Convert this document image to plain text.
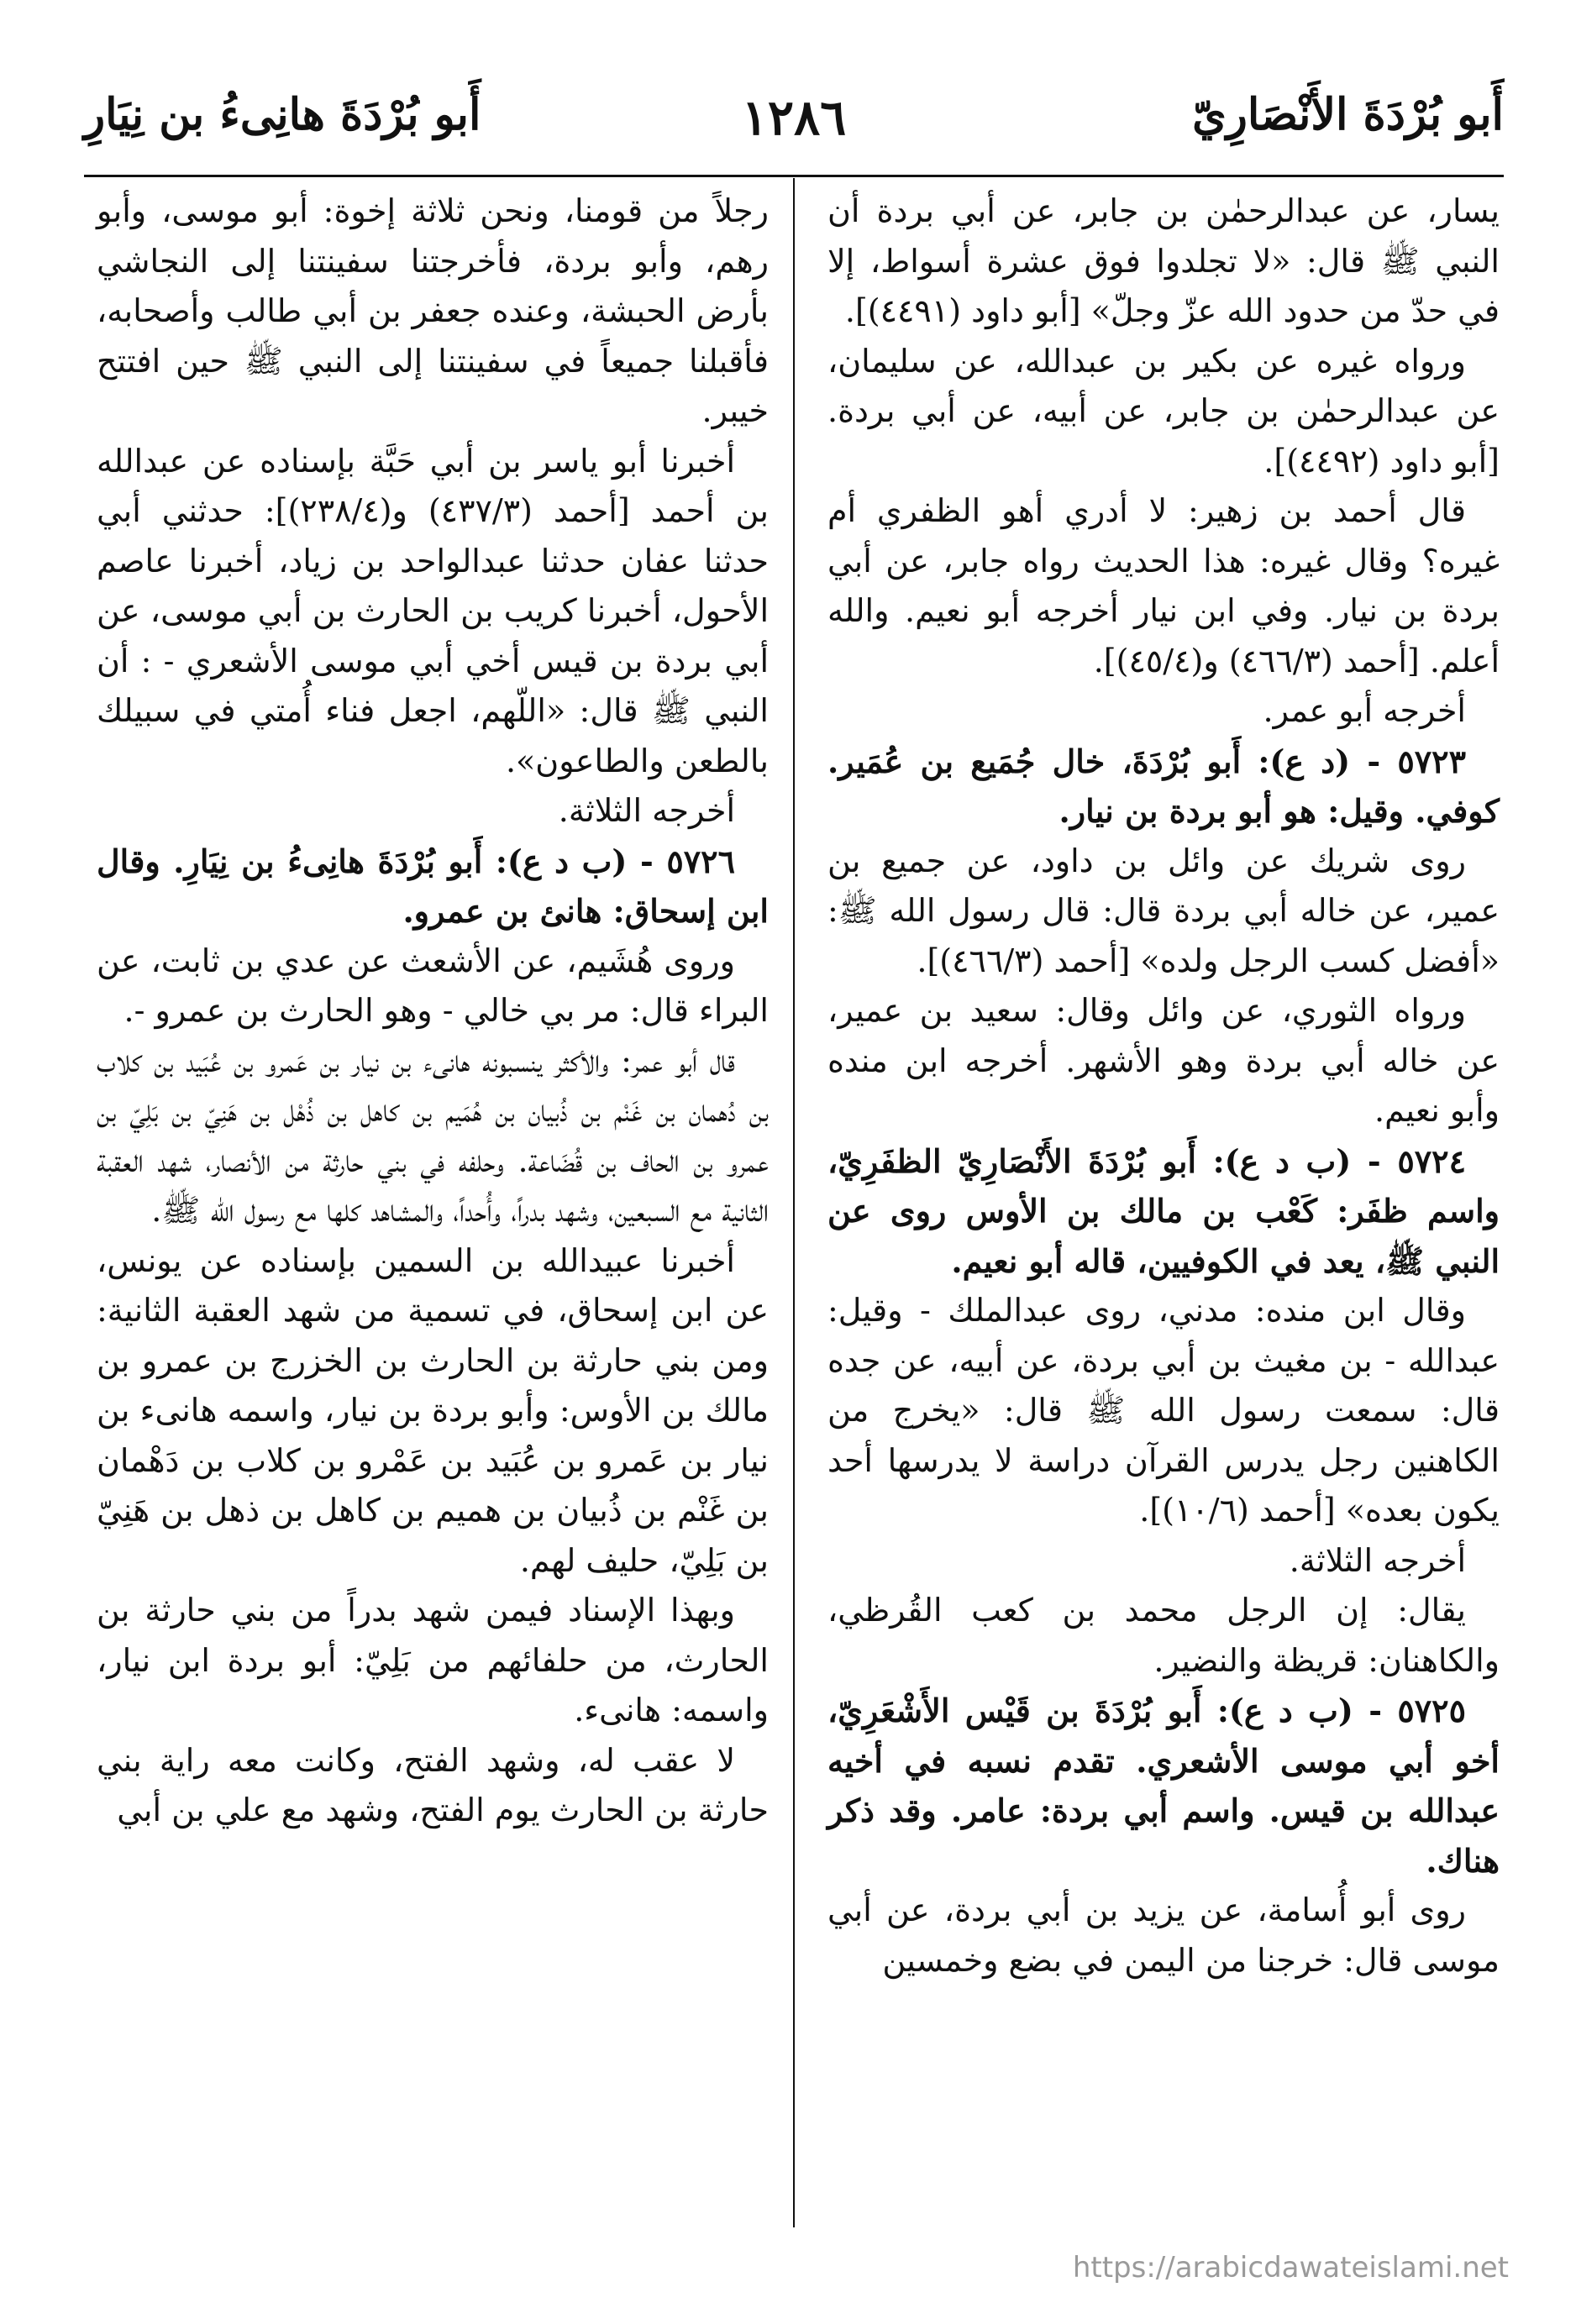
أَبو بُرْدَةَ الأَنْصَارِيّ
١٢٨٦
أَبو بُرْدَةَ هانِىءُ بن نِيَارِ

يسار، عن عبدالرحمٰن بن جابر، عن أبي بردة أن النبي ﷺ قال: «لا تجلدوا فوق عشرة أسواط، إلا في حدّ من حدود الله عزّ وجلّ» [أبو داود (٤٤٩١)].

ورواه غيره عن بكير بن عبدالله، عن سليمان، عن عبدالرحمٰن بن جابر، عن أبيه، عن أبي بردة. [أبو داود (٤٤٩٢)].

قال أحمد بن زهير: لا أدري أهو الظفري أم غيره؟ وقال غيره: هذا الحديث رواه جابر، عن أبي بردة بن نيار. وفي ابن نيار أخرجه أبو نعيم. والله أعلم. [أحمد (٤٦٦/٣) و(٤٥/٤)].

أخرجه أبو عمر.

٥٧٢٣ - (د ع): أَبو بُرْدَةَ، خال جُمَيع بن عُمَير. كوفي. وقيل: هو أبو بردة بن نيار.

روى شريك عن وائل بن داود، عن جميع بن عمير، عن خاله أبي بردة قال: قال رسول الله ﷺ: «أفضل كسب الرجل ولده» [أحمد (٤٦٦/٣)].

ورواه الثوري، عن وائل وقال: سعيد بن عمير، عن خاله أبي بردة وهو الأشهر. أخرجه ابن منده وأبو نعيم.

٥٧٢٤ - (ب د ع): أَبو بُرْدَةَ الأَنْصَارِيّ الظفَرِيّ، واسم ظفَر: كَعْب بن مالك بن الأوس روى عن النبي ﷺ، يعد في الكوفيين، قاله أبو نعيم.

وقال ابن منده: مدني، روى عبدالملك - وقيل: عبدالله - بن مغيث بن أبي بردة، عن أبيه، عن جده قال: سمعت رسول الله ﷺ قال: «يخرج من الكاهنين رجل يدرس القرآن دراسة لا يدرسها أحد يكون بعده» [أحمد (١٠/٦)].

أخرجه الثلاثة.

يقال: إن الرجل محمد بن كعب القُرظي، والكاهنان: قريظة والنضير.

٥٧٢٥ - (ب د ع): أَبو بُرْدَةَ بن قَيْس الأَشْعَرِيّ، أخو أبي موسى الأشعري. تقدم نسبه في أخيه عبدالله بن قيس. واسم أبي بردة: عامر. وقد ذكر هناك.

روى أبو أُسامة، عن يزيد بن أبي بردة، عن أبي موسى قال: خرجنا من اليمن في بضع وخمسين

رجلاً من قومنا، ونحن ثلاثة إخوة: أبو موسى، وأبو رهم، وأبو بردة، فأخرجتنا سفينتنا إلى النجاشي بأرض الحبشة، وعنده جعفر بن أبي طالب وأصحابه، فأقبلنا جميعاً في سفينتنا إلى النبي ﷺ حين افتتح خيبر.

أخبرنا أبو ياسر بن أبي حَبَّة بإسناده عن عبدالله بن أحمد [أحمد (٤٣٧/٣) و(٢٣٨/٤)]: حدثني أبي حدثنا عفان حدثنا عبدالواحد بن زياد، أخبرنا عاصم الأحول، أخبرنا كريب بن الحارث بن أبي موسى، عن أبي بردة بن قيس أخي أبي موسى الأشعري - : أن النبي ﷺ قال: «اللّهم، اجعل فناء أُمتي في سبيلك بالطعن والطاعون».

أخرجه الثلاثة.

٥٧٢٦ - (ب د ع): أَبو بُرْدَةَ هانِىءُ بن نِيَارِ. وقال ابن إسحاق: هانئ بن عمرو.

وروى هُشَيم، عن الأشعث عن عدي بن ثابت، عن البراء قال: مر بي خالي - وهو الحارث بن عمرو -.

قال أبو عمر: والأكثر ينسبونه هانىء بن نيار بن عَمرو بن عُبَيد بن كلاب بن دُهمان بن غَنْم بن ذُبيان بن هُمَيم بن كاهل بن ذُهْل بن هَنِيّ بن بَلِيّ بن عمرو بن الحاف بن قُضَاعة. وحلفه في بني حارثة من الأنصار، شهد العقبة الثانية مع السبعين، وشهد بدراً، وأُحداً، والمشاهد كلها مع رسول الله ﷺ.

أخبرنا عبيدالله بن السمين بإسناده عن يونس، عن ابن إسحاق، في تسمية من شهد العقبة الثانية: ومن بني حارثة بن الحارث بن الخزرج بن عمرو بن مالك بن الأوس: وأبو بردة بن نيار، واسمه هانىء بن نيار بن عَمرو بن عُبَيد بن عَمْرو بن كلاب بن دَهْمان بن غَنْم بن ذُبيان بن هميم بن كاهل بن ذهل بن هَنِيّ بن بَلِيّ، حليف لهم.

وبهذا الإسناد فيمن شهد بدراً من بني حارثة بن الحارث، من حلفائهم من بَلِيّ: أبو بردة ابن نيار، واسمه: هانىء.

لا عقب له، وشهد الفتح، وكانت معه راية بني حارثة بن الحارث يوم الفتح، وشهد مع علي بن أبي

https://arabicdawateislami.net
